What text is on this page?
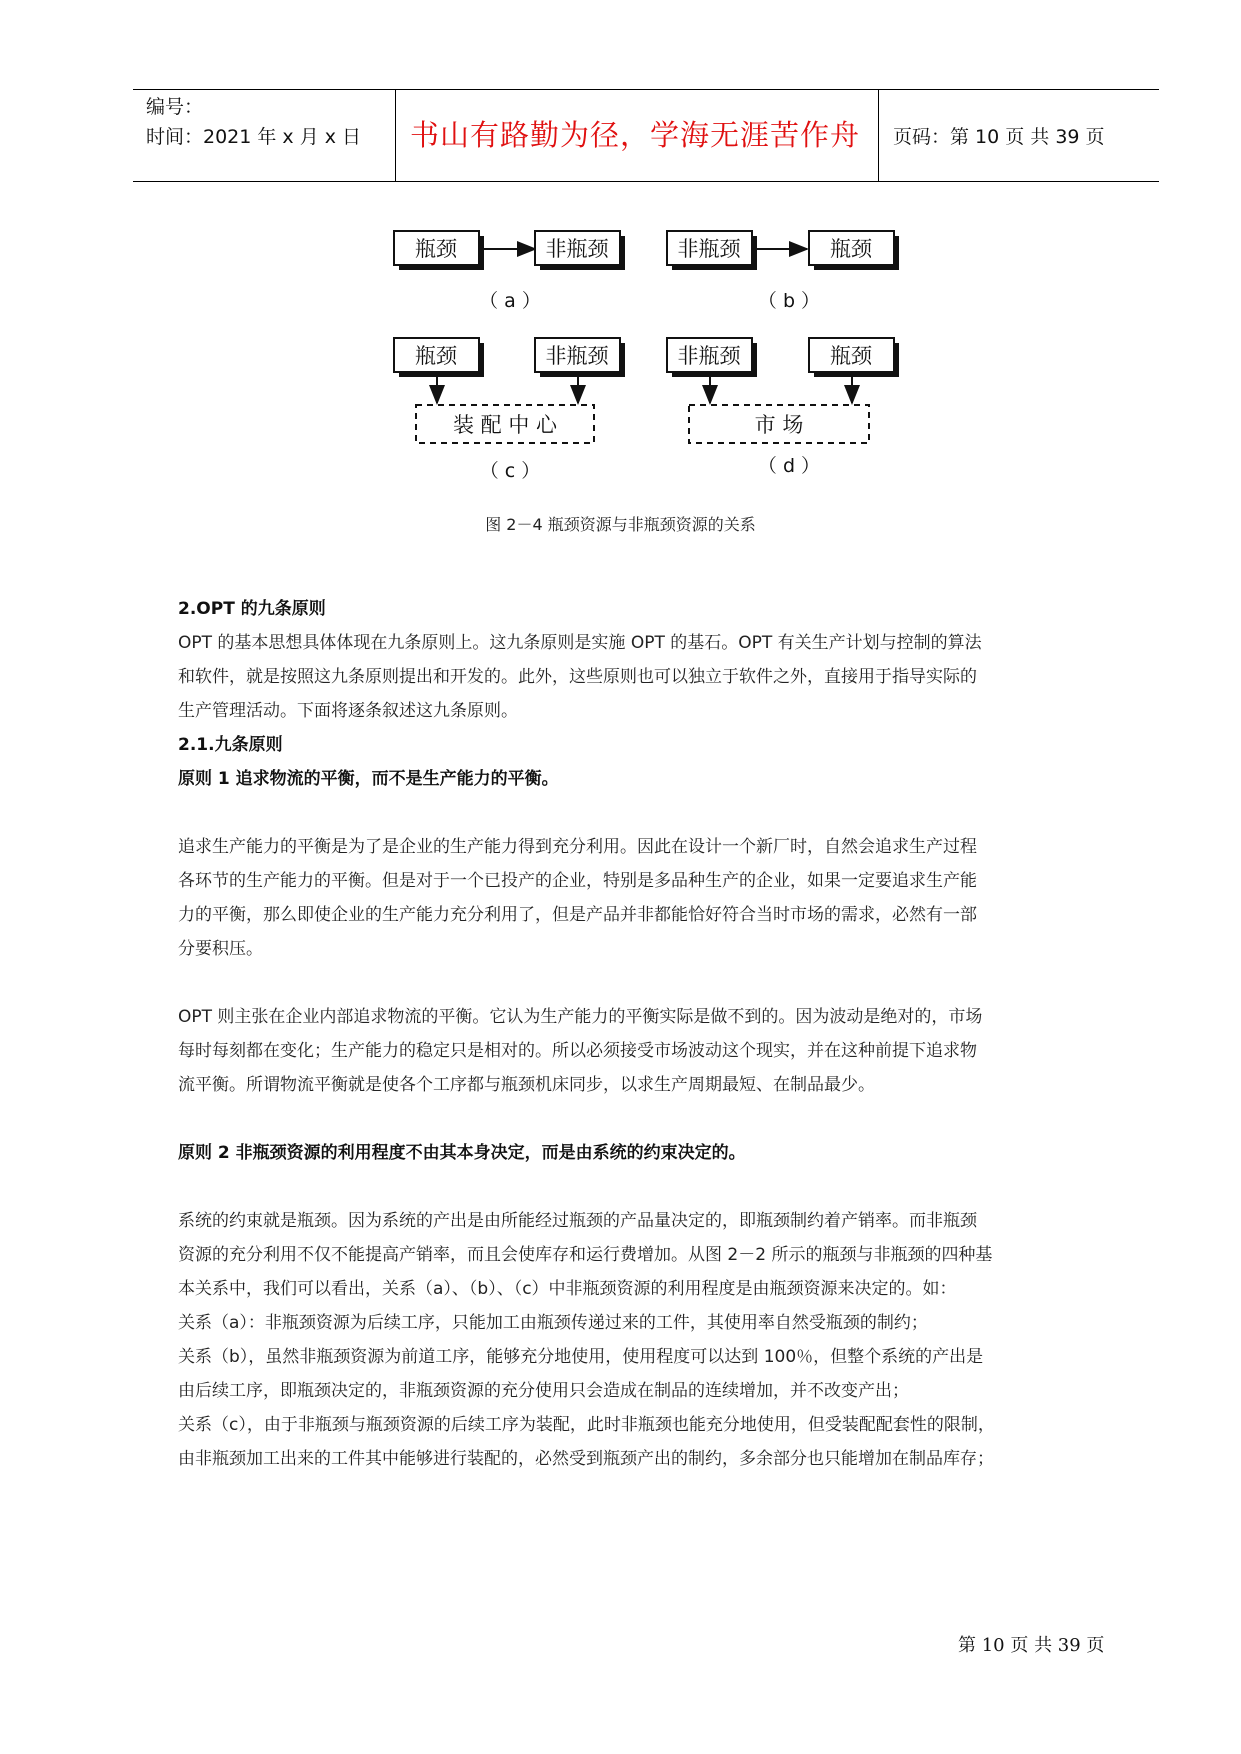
编号：
时间：2021 年 x 月 x 日	书山有路勤为径，学海无涯苦作舟	页码：第 10 页 共 39 页
瓶颈	非瓶颈
（ a ）
非瓶颈	瓶颈
（ b ）
瓶颈	非瓶颈
装 配 中 心
（ c ）
非瓶颈	瓶颈
市 场
（ d ）
图 2－4 瓶颈资源与非瓶颈资源的关系
2.OPT 的九条原则

OPT 的基本思想具体体现在九条原则上。这九条原则是实施 OPT 的基石。OPT 有关生产计划与控制的算法

和软件，就是按照这九条原则提出和开发的。此外，这些原则也可以独立于软件之外，直接用于指导实际的

生产管理活动。下面将逐条叙述这九条原则。

2.1.九条原则
原则 1 追求物流的平衡，而不是生产能力的平衡。

追求生产能力的平衡是为了是企业的生产能力得到充分利用。因此在设计一个新厂时，自然会追求生产过程

各环节的生产能力的平衡。但是对于一个已投产的企业，特别是多品种生产的企业，如果一定要追求生产能

力的平衡，那么即使企业的生产能力充分利用了，但是产品并非都能恰好符合当时市场的需求，必然有一部

分要积压。

OPT 则主张在企业内部追求物流的平衡。它认为生产能力的平衡实际是做不到的。因为波动是绝对的，市场

每时每刻都在变化；生产能力的稳定只是相对的。所以必须接受市场波动这个现实，并在这种前提下追求物

流平衡。所谓物流平衡就是使各个工序都与瓶颈机床同步，以求生产周期最短、在制品最少。

原则 2 非瓶颈资源的利用程度不由其本身决定，而是由系统的约束决定的。

系统的约束就是瓶颈。因为系统的产出是由所能经过瓶颈的产品量决定的，即瓶颈制约着产销率。而非瓶颈

资源的充分利用不仅不能提高产销率，而且会使库存和运行费增加。从图 2－2 所示的瓶颈与非瓶颈的四种基

本关系中，我们可以看出，关系（a）、（b）、（c）中非瓶颈资源的利用程度是由瓶颈资源来决定的。如：

关系（a）：非瓶颈资源为后续工序，只能加工由瓶颈传递过来的工件，其使用率自然受瓶颈的制约；

关系（b），虽然非瓶颈资源为前道工序，能够充分地使用，使用程度可以达到 100％，但整个系统的产出是

由后续工序，即瓶颈决定的，非瓶颈资源的充分使用只会造成在制品的连续增加，并不改变产出；

关系（c），由于非瓶颈与瓶颈资源的后续工序为装配，此时非瓶颈也能充分地使用，但受装配配套性的限制，

由非瓶颈加工出来的工件其中能够进行装配的，必然受到瓶颈产出的制约，多余部分也只能增加在制品库存；

第 10 页 共 39 页
